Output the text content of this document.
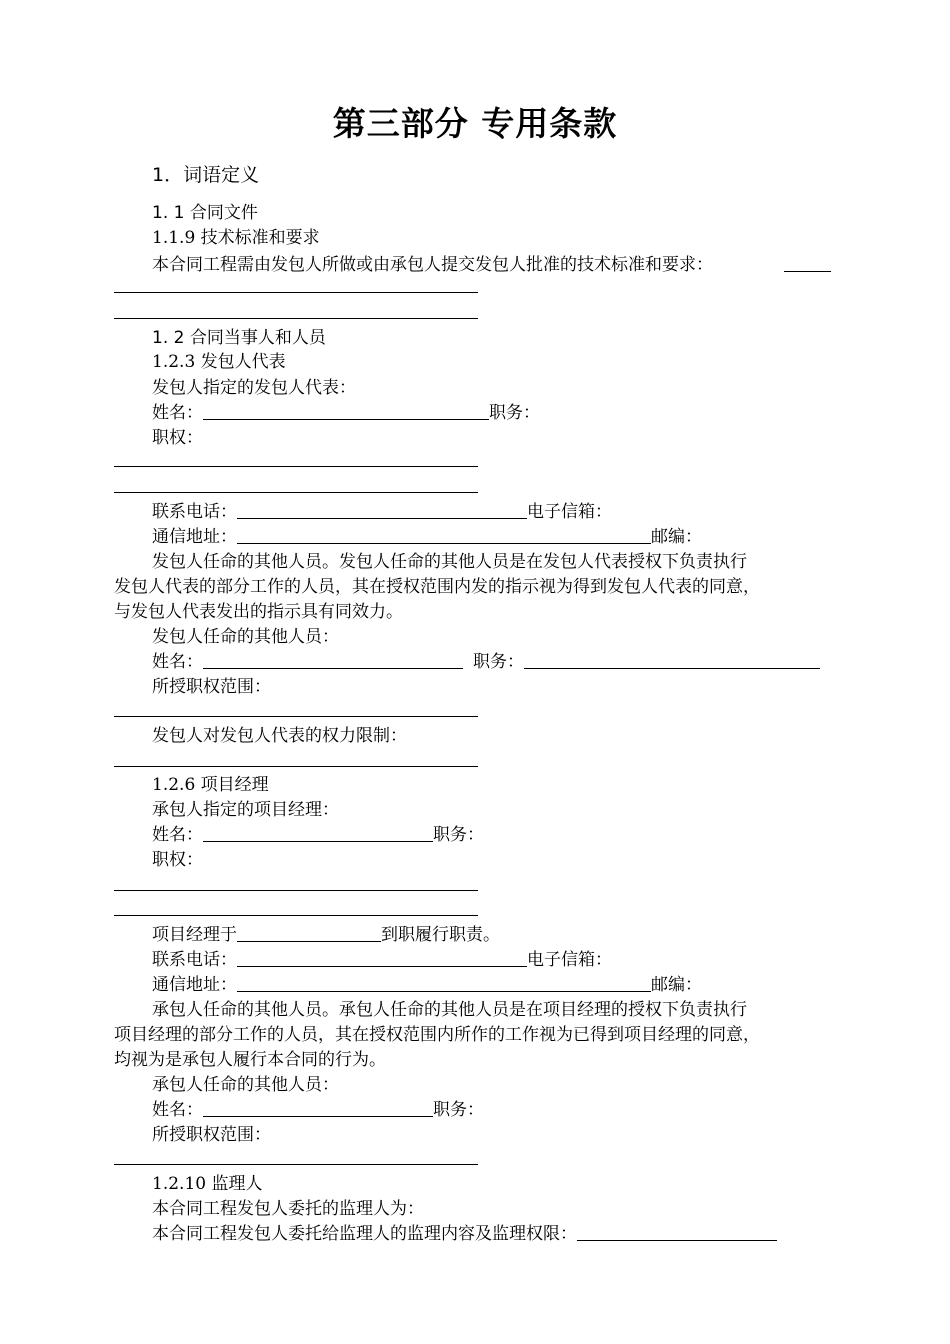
第三部分 专用条款
1．词语定义
1. 1 合同文件
1.1.9 技术标准和要求
本合同工程需由发包人所做或由承包人提交发包人批准的技术标准和要求：
1. 2 合同当事人和人员
1.2.3 发包人代表
发包人指定的发包人代表：
姓名：	职务：
职权：
联系电话：	电子信箱：
通信地址：	邮编：
发包人任命的其他人员。发包人任命的其他人员是在发包人代表授权下负责执行
发包人代表的部分工作的人员，其在授权范围内发的指示视为得到发包人代表的同意，
与发包人代表发出的指示具有同效力。
发包人任命的其他人员：
姓名：	职务：
所授职权范围：
发包人对发包人代表的权力限制：
1.2.6 项目经理
承包人指定的项目经理：
姓名：	职务：
职权：
项目经理于	到职履行职责。
联系电话：	电子信箱：
通信地址：	邮编：
承包人任命的其他人员。承包人任命的其他人员是在项目经理的授权下负责执行
项目经理的部分工作的人员，其在授权范围内所作的工作视为已得到项目经理的同意，
均视为是承包人履行本合同的行为。
承包人任命的其他人员：
姓名：	职务：
所授职权范围：
1.2.10 监理人
本合同工程发包人委托的监理人为：
本合同工程发包人委托给监理人的监理内容及监理权限：
